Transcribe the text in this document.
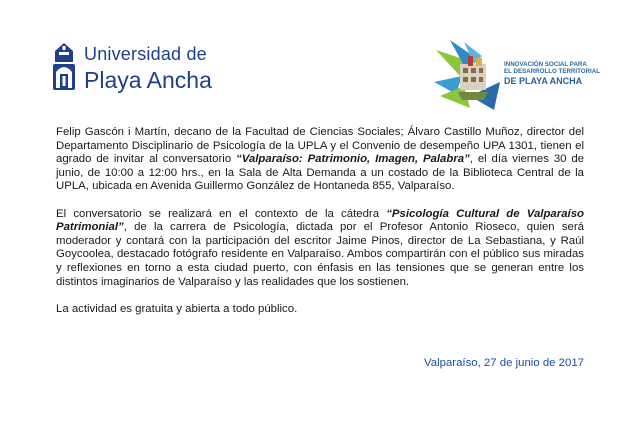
Universidad de
Playa Ancha
INNOVACIÓN SOCIAL PARA
EL DESARROLLO TERRITORIAL
DE PLAYA ANCHA

Felip Gascón i Martín, decano de la Facultad de Ciencias Sociales; Álvaro Castillo Muñoz, director del Departamento Disciplinario de Psicología de la UPLA y el Convenio de desempeño UPA 1301, tienen el agrado de invitar al conversatorio “Valparaíso: Patrimonio, Imagen, Palabra”, el día viernes 30 de junio, de 10:00 a 12:00 hrs., en la Sala de Alta Demanda a un costado de la Biblioteca Central de la UPLA, ubicada en Avenida Guillermo González de Hontaneda 855, Valparaíso.

El conversatorio se realizará en el contexto de la cátedra “Psicología Cultural de Valparaíso Patrimonial”, de la carrera de Psicología, dictada por el Profesor Antonio Rioseco, quien será moderador y contará con la participación del escritor Jaime Pinos, director de La Sebastiana, y Raúl Goycoolea, destacado fotógrafo residente en Valparaíso. Ambos compartirán con el público sus miradas y reflexiones en torno a esta ciudad puerto, con énfasis en las tensiones que se generan entre los distintos imaginarios de Valparaíso y las realidades que los sostienen.

La actividad es gratuita y abierta a todo público.

Valparaíso, 27 de junio de 2017
